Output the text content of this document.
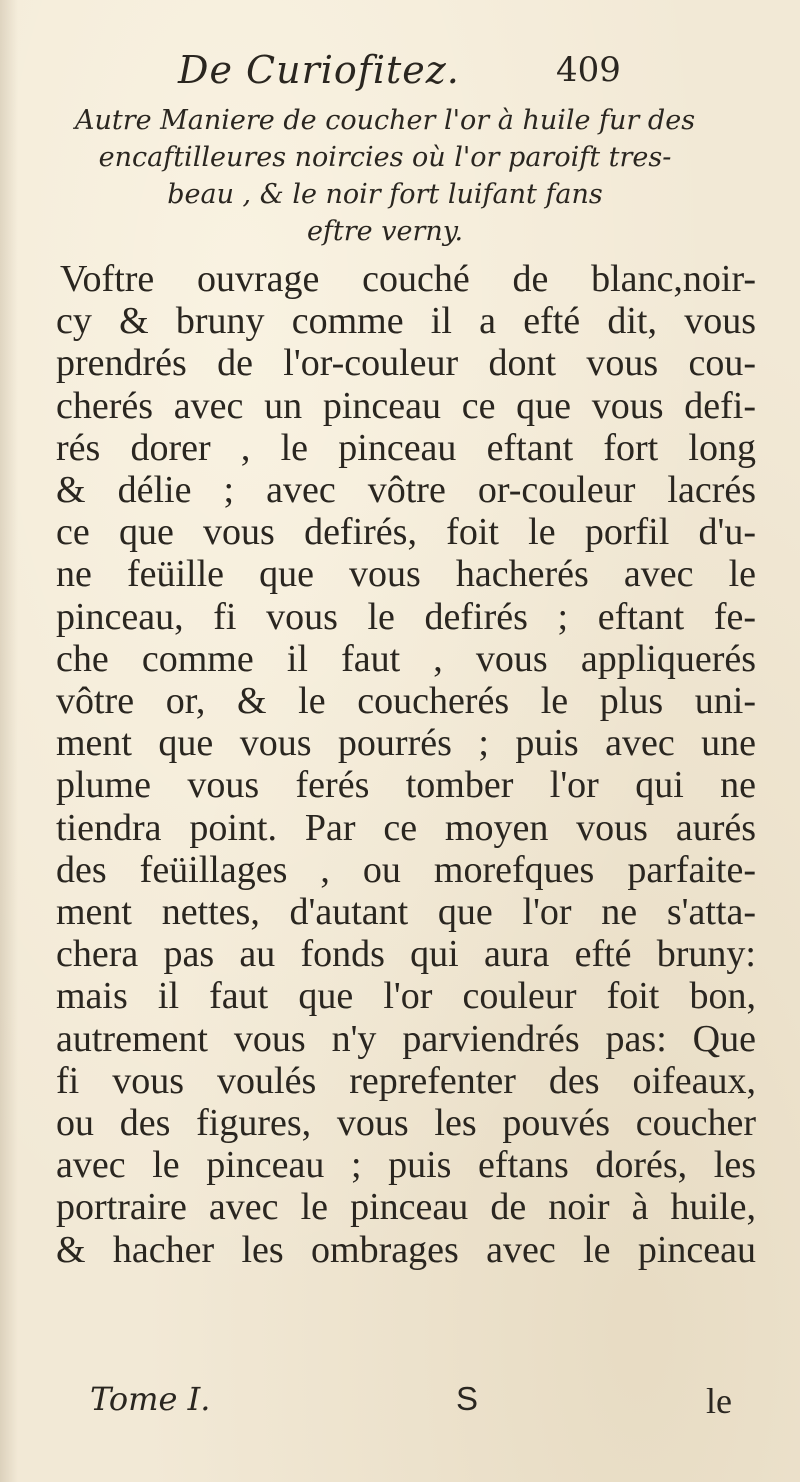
De Curiofitez.	409
Autre Maniere de coucher l'or à huile fur des
encaftilleures noircies où l'or paroift tres-
beau , & le noir fort luifant fans
eftre verny.
Voftre ouvrage couché de blanc,noir-
cy & bruny comme il a efté dit, vous
prendrés de l'or-couleur dont vous cou-
cherés avec un pinceau ce que vous defi-
rés dorer , le pinceau eftant fort long
& délie ; avec vôtre or-couleur lacrés
ce que vous defirés, foit le porfil d'u-
ne feüille que vous hacherés avec le
pinceau, fi vous le defirés ; eftant fe-
che comme il faut , vous appliquerés
vôtre or, & le coucherés le plus uni-
ment que vous pourrés ; puis avec une
plume vous ferés tomber l'or qui ne
tiendra point. Par ce moyen vous aurés
des feüillages , ou morefques parfaite-
ment nettes, d'autant que l'or ne s'atta-
chera pas au fonds qui aura efté bruny:
mais il faut que l'or couleur foit bon,
autrement vous n'y parviendrés pas: Que
fi vous voulés reprefenter des oifeaux,
ou des figures, vous les pouvés coucher
avec le pinceau ; puis eftans dorés, les
portraire avec le pinceau de noir à huile,
& hacher les ombrages avec le pinceau
Tome I.	S	le
